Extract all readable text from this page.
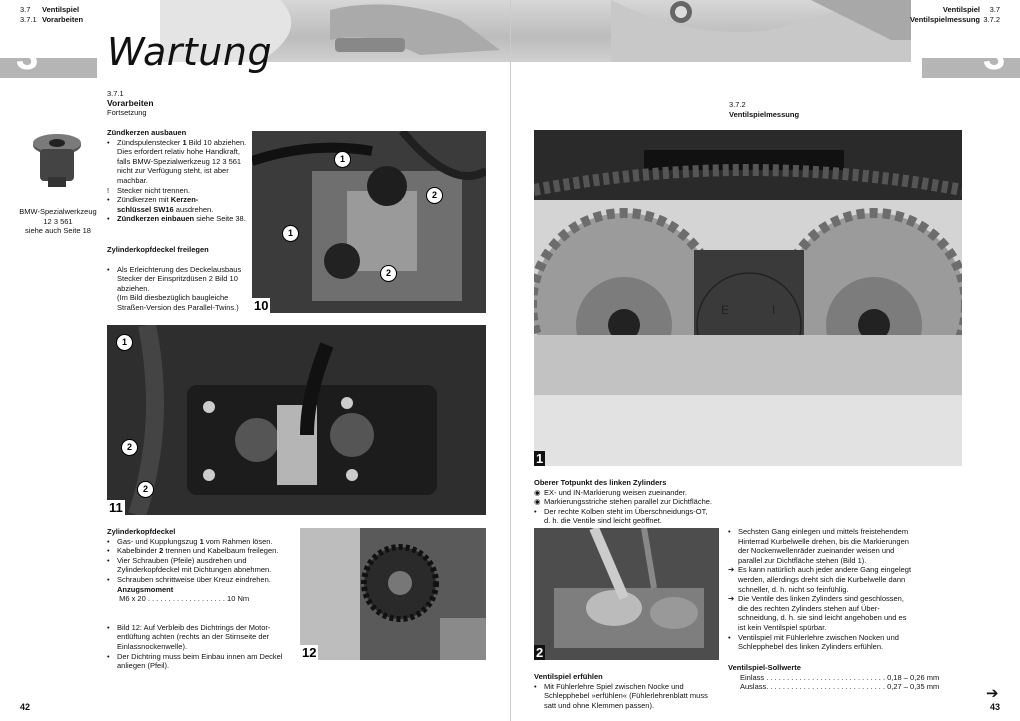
3.7 Ventilspiel
3.7.1 Vorarbeiten
3 Wartung
3.7.1
Vorarbeiten
Fortsetzung
BMW-Spezialwerkzeug
12 3 561
siehe auch Seite 18
Zündkerzen ausbauen
• Zündspulenstecker 1 Bild 10 abziehen.
Dies erfordert relativ hohe Handkraft,
falls BMW-Spezialwerkzeug 12 3 561
nicht zur Verfügung steht, ist aber
machbar.
! Stecker nicht trennen.
• Zündkerzen mit Kerzen-
schlüssel SW16 ausdrehen.
• Zündkerzen einbauen siehe Seite 38.
Zylinderkopfdeckel freilegen
• Als Erleichterung des Deckelausbaus
Stecker der Einspritzdüsen 2 Bild 10
abziehen.
(Im Bild diesbezüglich baugleiche
Straßen-Version des Parallel-Twins.)
1
2
1
2
10
1
2
2
11
Zylinderkopfdeckel
• Gas- und Kupplungszug 1 vom Rahmen lösen.
• Kabelbinder 2 trennen und Kabelbaum freilegen.
• Vier Schrauben (Pfeile) ausdrehen und
Zylinderkopfdeckel mit Dichtungen abnehmen.
• Schrauben schrittweise über Kreuz eindrehen.
Anzugsmoment M6 x 20 . . . . . . . . . . . . . . . . . . . 10 Nm
• Bild 12: Auf Verbleib des Dichtrings der Motor-
entlüftung achten (rechts an der Stirnseite der
Einlassnockenwelle).
• Der Dichtring muss beim Einbau innen am Deckel
anliegen (Pfeil).
12
42
Ventilspiel 3.7
Ventilspielmessung 3.7.2
3
3.7.2
Ventilspielmessung
E	I
1
Oberer Totpunkt des linken Zylinders
◉ EX- und IN-Markierung weisen zueinander.
◉ Markierungsstriche stehen parallel zur Dichtfläche.
• Der rechte Kolben steht im Überschneidungs-OT,
d. h. die Ventile sind leicht geöffnet.
2
• Sechsten Gang einlegen und mittels freistehendem
Hinterrad Kurbelwelle drehen, bis die Markierungen
der Nockenwellenräder zueinander weisen und
parallel zur Dichtfläche stehen (Bild 1).
➔ Es kann natürlich auch jeder andere Gang eingelegt
werden, allerdings dreht sich die Kurbelwelle dann
schneller, d. h. nicht so feinfühlig.
➔ Die Ventile des linken Zylinders sind geschlossen,
die des rechten Zylinders stehen auf Über-
schneidung, d. h. sie sind leicht angehoben und es
ist kein Ventilspiel spürbar.
• Ventilspiel mit Fühlerlehre zwischen Nocken und
Schlepphebel des linken Zylinders erfühlen.
Ventilspiel erfühlen
• Mit Fühlerlehre Spiel zwischen Nocke und
Schlepphebel »erfühlen« (Fühlerlehrenblatt muss
satt und ohne Klemmen passen).
Ventilspiel-Sollwerte
Einlass . . . . . . . . . . . . . . . . . . . . . . . . . . . . . 0,18 – 0,26 mm
Auslass. . . . . . . . . . . . . . . . . . . . . . . . . . . . . 0,27 – 0,35 mm	➔
43
